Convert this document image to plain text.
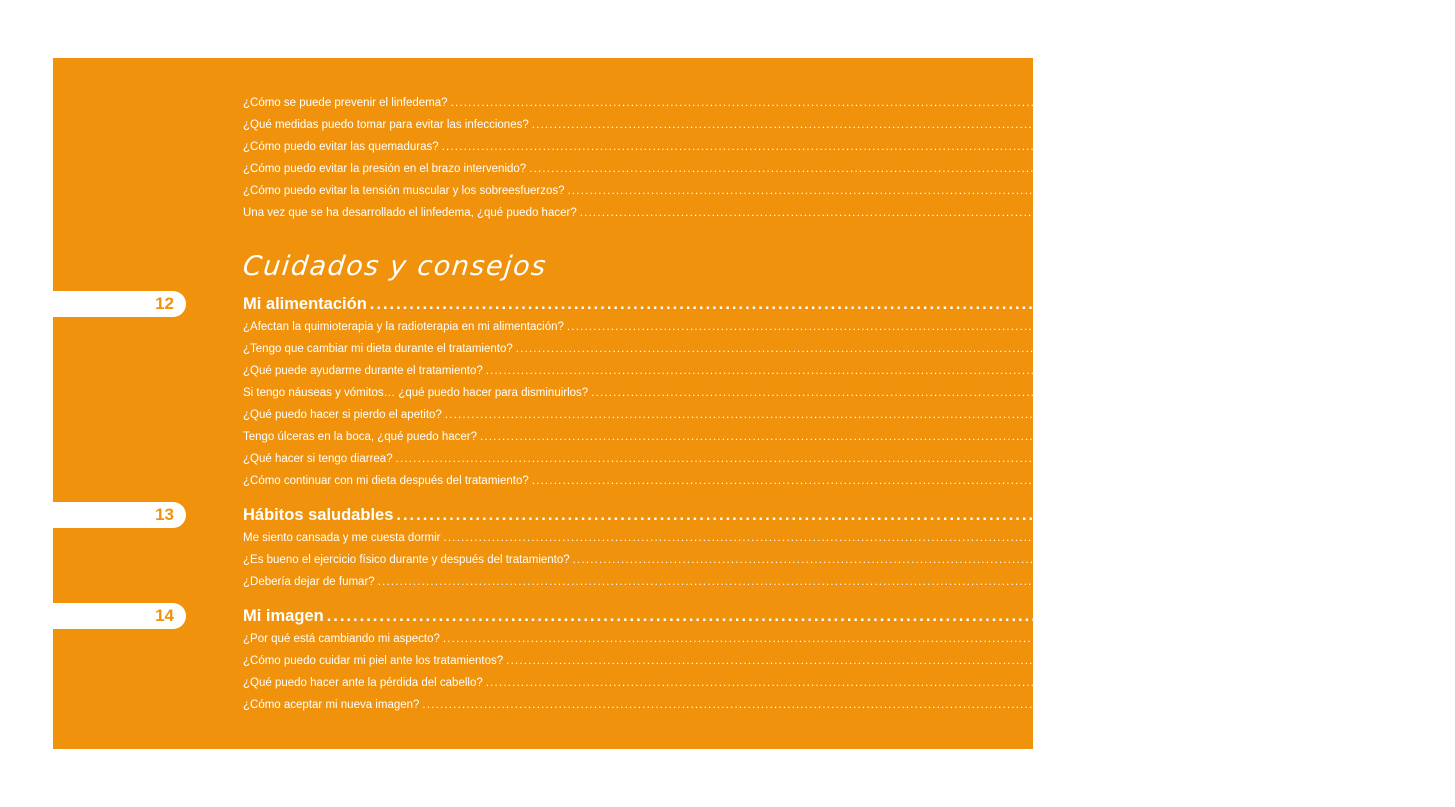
¿Cómo se puede prevenir el linfedema? ............................................................................................................................................................ 103
¿Qué medidas puedo tomar para evitar las infecciones? ............................................................................................................................................................ 104
¿Cómo puedo evitar las quemaduras? ............................................................................................................................................................ 106
¿Cómo puedo evitar la presión en el brazo intervenido? ............................................................................................................................................................ 107
¿Cómo puedo evitar la tensión muscular y los sobreesfuerzos? ............................................................................................................................................................ 108
Una vez que se ha desarrollado el linfedema, ¿qué puedo hacer? ............................................................................................................................................................ 109
Cuidados y consejos
12	Mi alimentación ............................................................................................................................................................ 111
¿Afectan la quimioterapia y la radioterapia en mi alimentación? ............................................................................................................................................................ 113
¿Tengo que cambiar mi dieta durante el tratamiento? ............................................................................................................................................................ 113
¿Qué puede ayudarme durante el tratamiento? ............................................................................................................................................................ 114
Si tengo náuseas y vómitos… ¿qué puedo hacer para disminuirlos? ............................................................................................................................................................ 115
¿Qué puedo hacer si pierdo el apetito? ............................................................................................................................................................ 117
Tengo úlceras en la boca, ¿qué puedo hacer? ............................................................................................................................................................ 120
¿Qué hacer si tengo diarrea? ............................................................................................................................................................ 122
¿Cómo continuar con mi dieta después del tratamiento? ............................................................................................................................................................ 123
13	Hábitos saludables ............................................................................................................................................................ 125
Me siento cansada y me cuesta dormir ............................................................................................................................................................ 127
¿Es bueno el ejercicio físico durante y después del tratamiento? ............................................................................................................................................................ 128
¿Debería dejar de fumar? ............................................................................................................................................................ 129
14	Mi imagen ............................................................................................................................................................ 131
¿Por qué está cambiando mi aspecto? ............................................................................................................................................................ 133
¿Cómo puedo cuidar mi piel ante los tratamientos? ............................................................................................................................................................ 133
¿Qué puedo hacer ante la pérdida del cabello? ............................................................................................................................................................ 135
¿Cómo aceptar mi nueva imagen? ............................................................................................................................................................ 137
